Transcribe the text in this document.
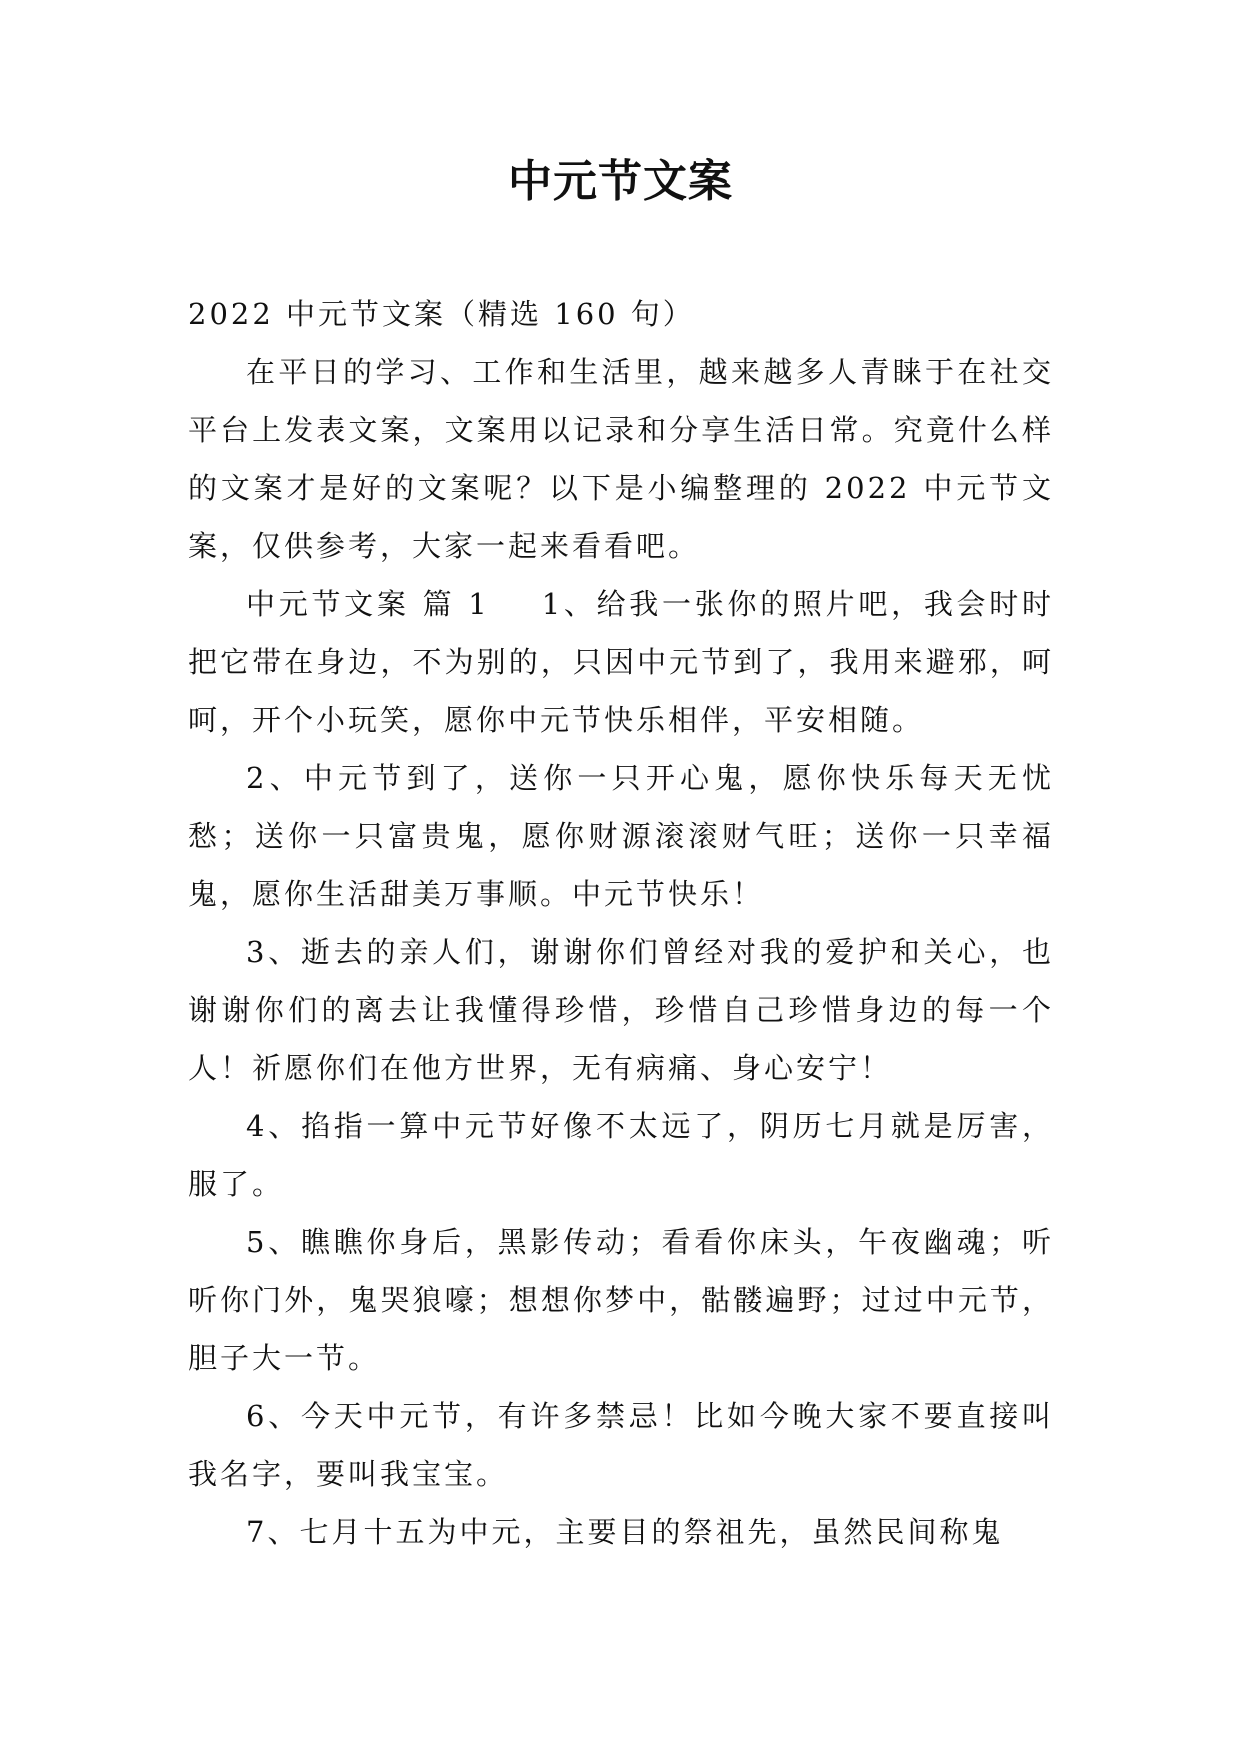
中元节文案

2022 中元节文案（精选 160 句）

在平日的学习、工作和生活里，越来越多人青睐于在社交平台上发表文案，文案用以记录和分享生活日常。究竟什么样的文案才是好的文案呢？以下是小编整理的 2022 中元节文案，仅供参考，大家一起来看看吧。

中元节文案 篇 1 1、给我一张你的照片吧，我会时时把它带在身边，不为别的，只因中元节到了，我用来避邪，呵呵，开个小玩笑，愿你中元节快乐相伴，平安相随。

2、中元节到了，送你一只开心鬼，愿你快乐每天无忧愁；送你一只富贵鬼，愿你财源滚滚财气旺；送你一只幸福鬼，愿你生活甜美万事顺。中元节快乐！

3、逝去的亲人们，谢谢你们曾经对我的爱护和关心，也谢谢你们的离去让我懂得珍惜，珍惜自己珍惜身边的每一个人！祈愿你们在他方世界，无有病痛、身心安宁！

4、掐指一算中元节好像不太远了，阴历七月就是厉害，服了。

5、瞧瞧你身后，黑影传动；看看你床头，午夜幽魂；听听你门外，鬼哭狼嚎；想想你梦中，骷髅遍野；过过中元节，胆子大一节。

6、今天中元节，有许多禁忌！比如今晚大家不要直接叫我名字，要叫我宝宝。

7、七月十五为中元，主要目的祭祖先，虽然民间称鬼
